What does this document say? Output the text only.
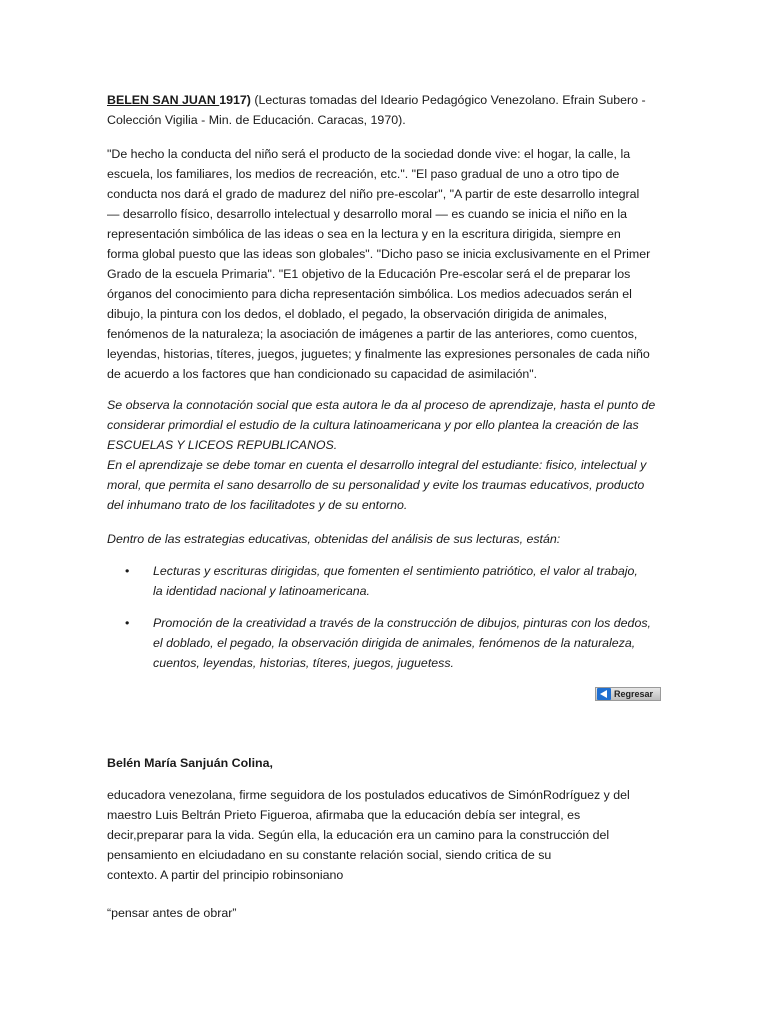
BELEN SAN JUAN 1917) (Lecturas tomadas del Ideario Pedagógico Venezolano. Efrain Subero -
Colección Vigilia - Min. de Educación. Caracas, 1970).
"De hecho la conducta del niño será el producto de la sociedad donde vive: el hogar, la calle, la
escuela, los familiares, los medios de recreación, etc.". "El paso gradual de uno a otro tipo de
conducta nos dará el grado de madurez del niño pre-escolar", "A partir de este desarrollo integral
— desarrollo físico, desarrollo intelectual y desarrollo moral — es cuando se inicia el niño en la
representación simbólica de las ideas o sea en la lectura y en la escritura dirigida, siempre en
forma global puesto que las ideas son globales". "Dicho paso se inicia exclusivamente en el Primer
Grado de la escuela Primaria". "E1 objetivo de la Educación Pre-escolar será el de preparar los
órganos del conocimiento para dicha representación simbólica. Los medios adecuados serán el
dibujo, la pintura con los dedos, el doblado, el pegado, la observación dirigida de animales,
fenómenos de la naturaleza; la asociación de imágenes a partir de las anteriores, como cuentos,
leyendas, historias, títeres, juegos, juguetes; y finalmente las expresiones personales de cada niño
de acuerdo a los factores que han condicionado su capacidad de asimilación".
Se observa la connotación social que esta autora le da al proceso de aprendizaje, hasta el punto de
considerar primordial el estudio de la cultura latinoamericana y por ello plantea la creación de las
ESCUELAS Y LICEOS REPUBLICANOS.
En el aprendizaje se debe tomar en cuenta el desarrollo integral del estudiante: fisico, intelectual y
moral, que permita el sano desarrollo de su personalidad y evite los traumas educativos, producto
del inhumano trato de los facilitadotes y de su entorno.
Dentro de las estrategias educativas, obtenidas del análisis de sus lecturas, están:
• Lecturas y escrituras dirigidas, que fomenten el sentimiento patriótico, el valor al trabajo,
la identidad nacional y latinoamericana.
• Promoción de la creatividad a través de la construcción de dibujos, pinturas con los dedos,
el doblado, el pegado, la observación dirigida de animales, fenómenos de la naturaleza,
cuentos, leyendas, historias, títeres, juegos, juguetess.
Regresar
Belén María Sanjuán Colina,
educadora venezolana, firme seguidora de los postulados educativos de SimónRodríguez y del
maestro Luis Beltrán Prieto Figueroa, afirmaba que la educación debía ser integral, es
decir,preparar para la vida. Según ella, la educación era un camino para la construcción del
pensamiento en elciudadano en su constante relación social, siendo critica de su
contexto. A partir del principio robinsoniano
“pensar antes de obrar”
